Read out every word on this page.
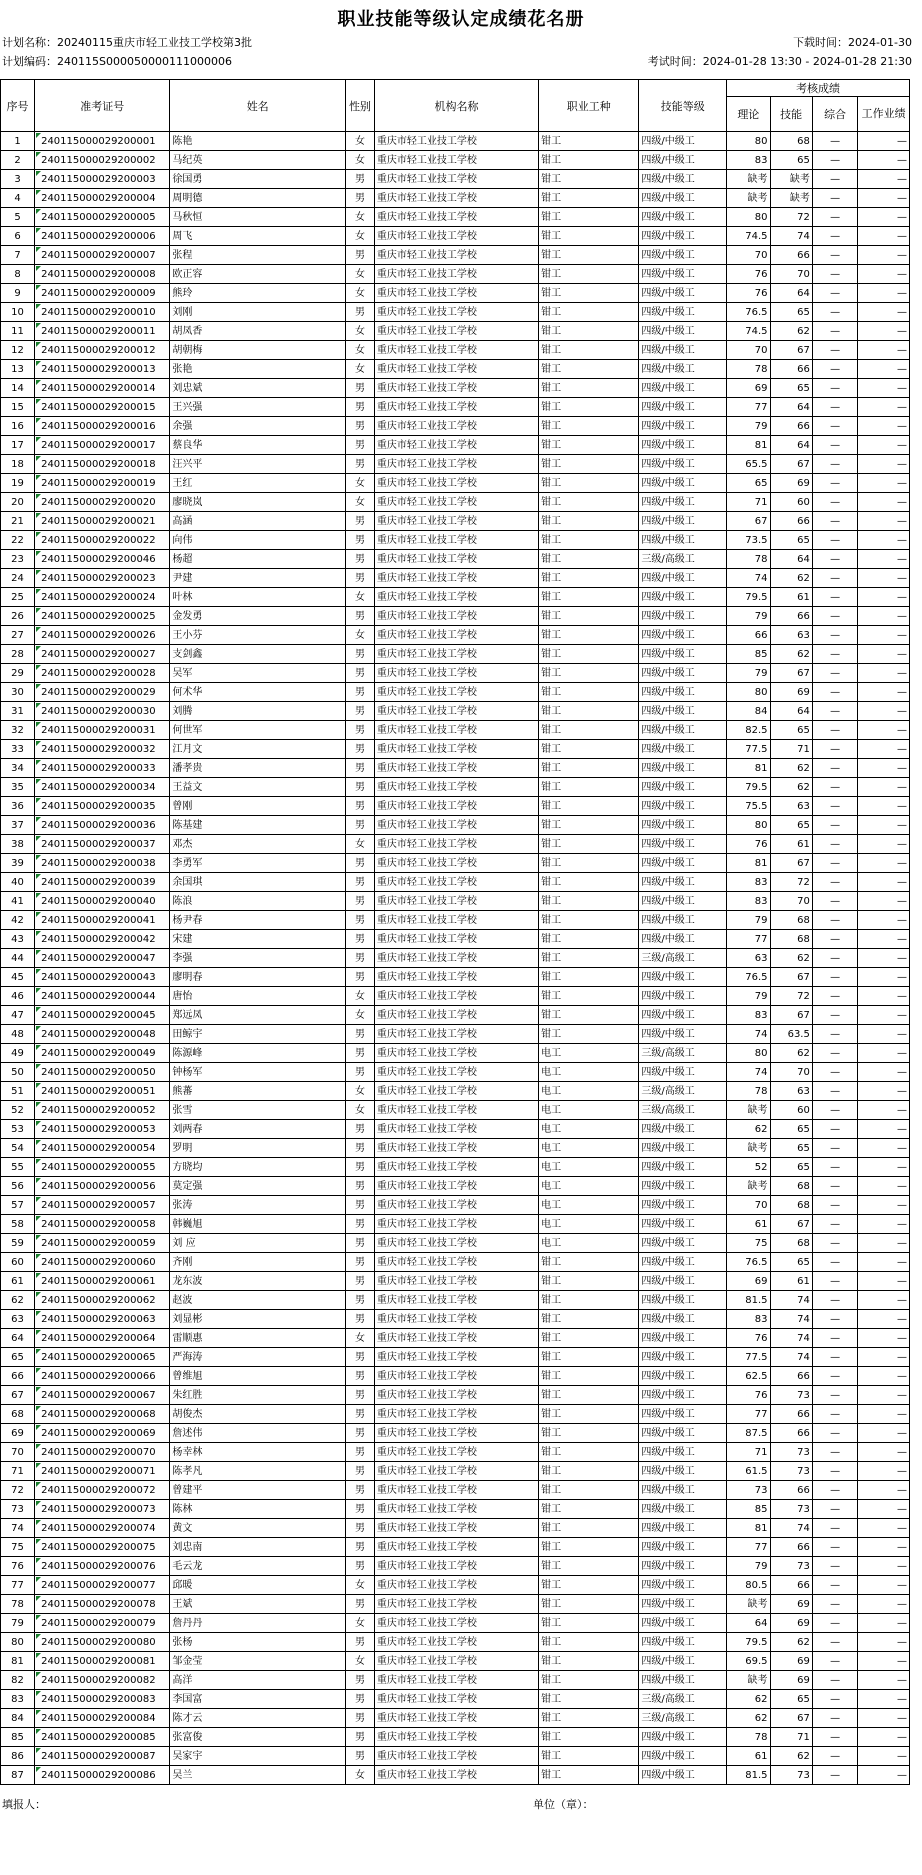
职业技能等级认定成绩花名册
计划名称：20240115重庆市轻工业技工学校第3批	下载时间：2024-01-30
计划编码：240115S000050000111000006	考试时间：2024-01-28 13:30 - 2024-01-28 21:30
序号	准考证号	姓名	性别	机构名称	职业工种	技能等级	考核成绩			
							理论	技能	综合	工作业绩
1	240115000029200001	陈艳	女	重庆市轻工业技工学校	钳工	四级/中级工	80	68	—	—
2	240115000029200002	马纪英	女	重庆市轻工业技工学校	钳工	四级/中级工	83	65	—	—
3	240115000029200003	徐国勇	男	重庆市轻工业技工学校	钳工	四级/中级工	缺考	缺考	—	—
4	240115000029200004	周明德	男	重庆市轻工业技工学校	钳工	四级/中级工	缺考	缺考	—	—
5	240115000029200005	马秋恒	女	重庆市轻工业技工学校	钳工	四级/中级工	80	72	—	—
6	240115000029200006	周飞	女	重庆市轻工业技工学校	钳工	四级/中级工	74.5	74	—	—
7	240115000029200007	张程	男	重庆市轻工业技工学校	钳工	四级/中级工	70	66	—	—
8	240115000029200008	欧正容	女	重庆市轻工业技工学校	钳工	四级/中级工	76	70	—	—
9	240115000029200009	熊玲	女	重庆市轻工业技工学校	钳工	四级/中级工	76	64	—	—
10	240115000029200010	刘刚	男	重庆市轻工业技工学校	钳工	四级/中级工	76.5	65	—	—
11	240115000029200011	胡凤香	女	重庆市轻工业技工学校	钳工	四级/中级工	74.5	62	—	—
12	240115000029200012	胡朝梅	女	重庆市轻工业技工学校	钳工	四级/中级工	70	67	—	—
13	240115000029200013	张艳	女	重庆市轻工业技工学校	钳工	四级/中级工	78	66	—	—
14	240115000029200014	刘忠斌	男	重庆市轻工业技工学校	钳工	四级/中级工	69	65	—	—
15	240115000029200015	王兴强	男	重庆市轻工业技工学校	钳工	四级/中级工	77	64	—	—
16	240115000029200016	余强	男	重庆市轻工业技工学校	钳工	四级/中级工	79	66	—	—
17	240115000029200017	蔡良华	男	重庆市轻工业技工学校	钳工	四级/中级工	81	64	—	—
18	240115000029200018	汪兴平	男	重庆市轻工业技工学校	钳工	四级/中级工	65.5	67	—	—
19	240115000029200019	王红	女	重庆市轻工业技工学校	钳工	四级/中级工	65	69	—	—
20	240115000029200020	廖晓岚	女	重庆市轻工业技工学校	钳工	四级/中级工	71	60	—	—
21	240115000029200021	高涵	男	重庆市轻工业技工学校	钳工	四级/中级工	67	66	—	—
22	240115000029200022	向伟	男	重庆市轻工业技工学校	钳工	四级/中级工	73.5	65	—	—
23	240115000029200046	杨超	男	重庆市轻工业技工学校	钳工	三级/高级工	78	64	—	—
24	240115000029200023	尹建	男	重庆市轻工业技工学校	钳工	四级/中级工	74	62	—	—
25	240115000029200024	叶林	女	重庆市轻工业技工学校	钳工	四级/中级工	79.5	61	—	—
26	240115000029200025	金发勇	男	重庆市轻工业技工学校	钳工	四级/中级工	79	66	—	—
27	240115000029200026	王小芬	女	重庆市轻工业技工学校	钳工	四级/中级工	66	63	—	—
28	240115000029200027	支剑鑫	男	重庆市轻工业技工学校	钳工	四级/中级工	85	62	—	—
29	240115000029200028	吴军	男	重庆市轻工业技工学校	钳工	四级/中级工	79	67	—	—
30	240115000029200029	何术华	男	重庆市轻工业技工学校	钳工	四级/中级工	80	69	—	—
31	240115000029200030	刘腾	男	重庆市轻工业技工学校	钳工	四级/中级工	84	64	—	—
32	240115000029200031	何世军	男	重庆市轻工业技工学校	钳工	四级/中级工	82.5	65	—	—
33	240115000029200032	江月文	男	重庆市轻工业技工学校	钳工	四级/中级工	77.5	71	—	—
34	240115000029200033	潘孝贵	男	重庆市轻工业技工学校	钳工	四级/中级工	81	62	—	—
35	240115000029200034	王益文	男	重庆市轻工业技工学校	钳工	四级/中级工	79.5	62	—	—
36	240115000029200035	曾刚	男	重庆市轻工业技工学校	钳工	四级/中级工	75.5	63	—	—
37	240115000029200036	陈基建	男	重庆市轻工业技工学校	钳工	四级/中级工	80	65	—	—
38	240115000029200037	邓杰	女	重庆市轻工业技工学校	钳工	四级/中级工	76	61	—	—
39	240115000029200038	李勇军	男	重庆市轻工业技工学校	钳工	四级/中级工	81	67	—	—
40	240115000029200039	余国琪	男	重庆市轻工业技工学校	钳工	四级/中级工	83	72	—	—
41	240115000029200040	陈浪	男	重庆市轻工业技工学校	钳工	四级/中级工	83	70	—	—
42	240115000029200041	杨尹春	男	重庆市轻工业技工学校	钳工	四级/中级工	79	68	—	—
43	240115000029200042	宋建	男	重庆市轻工业技工学校	钳工	四级/中级工	77	68	—	—
44	240115000029200047	李强	男	重庆市轻工业技工学校	钳工	三级/高级工	63	62	—	—
45	240115000029200043	廖明春	男	重庆市轻工业技工学校	钳工	四级/中级工	76.5	67	—	—
46	240115000029200044	唐怡	女	重庆市轻工业技工学校	钳工	四级/中级工	79	72	—	—
47	240115000029200045	郑远凤	女	重庆市轻工业技工学校	钳工	四级/中级工	83	67	—	—
48	240115000029200048	田鲸宇	男	重庆市轻工业技工学校	钳工	四级/中级工	74	63.5	—	—
49	240115000029200049	陈源峰	男	重庆市轻工业技工学校	电工	三级/高级工	80	62	—	—
50	240115000029200050	钟杨军	男	重庆市轻工业技工学校	电工	四级/中级工	74	70	—	—
51	240115000029200051	熊蕃	女	重庆市轻工业技工学校	电工	三级/高级工	78	63	—	—
52	240115000029200052	张雪	女	重庆市轻工业技工学校	电工	三级/高级工	缺考	60	—	—
53	240115000029200053	刘两春	男	重庆市轻工业技工学校	电工	四级/中级工	62	65	—	—
54	240115000029200054	罗明	男	重庆市轻工业技工学校	电工	四级/中级工	缺考	65	—	—
55	240115000029200055	方晓均	男	重庆市轻工业技工学校	电工	四级/中级工	52	65	—	—
56	240115000029200056	莫定强	男	重庆市轻工业技工学校	电工	四级/中级工	缺考	68	—	—
57	240115000029200057	张涛	男	重庆市轻工业技工学校	电工	四级/中级工	70	68	—	—
58	240115000029200058	韩巍旭	男	重庆市轻工业技工学校	电工	四级/中级工	61	67	—	—
59	240115000029200059	刘 应	男	重庆市轻工业技工学校	电工	四级/中级工	75	68	—	—
60	240115000029200060	齐刚	男	重庆市轻工业技工学校	钳工	四级/中级工	76.5	65	—	—
61	240115000029200061	龙东波	男	重庆市轻工业技工学校	钳工	四级/中级工	69	61	—	—
62	240115000029200062	赵波	男	重庆市轻工业技工学校	钳工	四级/中级工	81.5	74	—	—
63	240115000029200063	刘显彬	男	重庆市轻工业技工学校	钳工	四级/中级工	83	74	—	—
64	240115000029200064	雷顺惠	女	重庆市轻工业技工学校	钳工	四级/中级工	76	74	—	—
65	240115000029200065	严海涛	男	重庆市轻工业技工学校	钳工	四级/中级工	77.5	74	—	—
66	240115000029200066	曾维旭	男	重庆市轻工业技工学校	钳工	四级/中级工	62.5	66	—	—
67	240115000029200067	朱红胜	男	重庆市轻工业技工学校	钳工	四级/中级工	76	73	—	—
68	240115000029200068	胡俊杰	男	重庆市轻工业技工学校	钳工	四级/中级工	77	66	—	—
69	240115000029200069	詹述伟	男	重庆市轻工业技工学校	钳工	四级/中级工	87.5	66	—	—
70	240115000029200070	杨幸林	男	重庆市轻工业技工学校	钳工	四级/中级工	71	73	—	—
71	240115000029200071	陈孝凡	男	重庆市轻工业技工学校	钳工	四级/中级工	61.5	73	—	—
72	240115000029200072	曾建平	男	重庆市轻工业技工学校	钳工	四级/中级工	73	66	—	—
73	240115000029200073	陈林	男	重庆市轻工业技工学校	钳工	四级/中级工	85	73	—	—
74	240115000029200074	黄文	男	重庆市轻工业技工学校	钳工	四级/中级工	81	74	—	—
75	240115000029200075	刘忠南	男	重庆市轻工业技工学校	钳工	四级/中级工	77	66	—	—
76	240115000029200076	毛云龙	男	重庆市轻工业技工学校	钳工	四级/中级工	79	73	—	—
77	240115000029200077	邱暖	女	重庆市轻工业技工学校	钳工	四级/中级工	80.5	66	—	—
78	240115000029200078	王斌	男	重庆市轻工业技工学校	钳工	四级/中级工	缺考	69	—	—
79	240115000029200079	詹丹丹	女	重庆市轻工业技工学校	钳工	四级/中级工	64	69	—	—
80	240115000029200080	张杨	男	重庆市轻工业技工学校	钳工	四级/中级工	79.5	62	—	—
81	240115000029200081	邹金莹	女	重庆市轻工业技工学校	钳工	四级/中级工	69.5	69	—	—
82	240115000029200082	高洋	男	重庆市轻工业技工学校	钳工	四级/中级工	缺考	69	—	—
83	240115000029200083	李国富	男	重庆市轻工业技工学校	钳工	三级/高级工	62	65	—	—
84	240115000029200084	陈才云	男	重庆市轻工业技工学校	钳工	三级/高级工	62	67	—	—
85	240115000029200085	张富俊	男	重庆市轻工业技工学校	钳工	四级/中级工	78	71	—	—
86	240115000029200087	吴家宇	男	重庆市轻工业技工学校	钳工	四级/中级工	61	62	—	—
87	240115000029200086	吴兰	女	重庆市轻工业技工学校	钳工	四级/中级工	81.5	73	—	—
填报人：	单位（章）：
